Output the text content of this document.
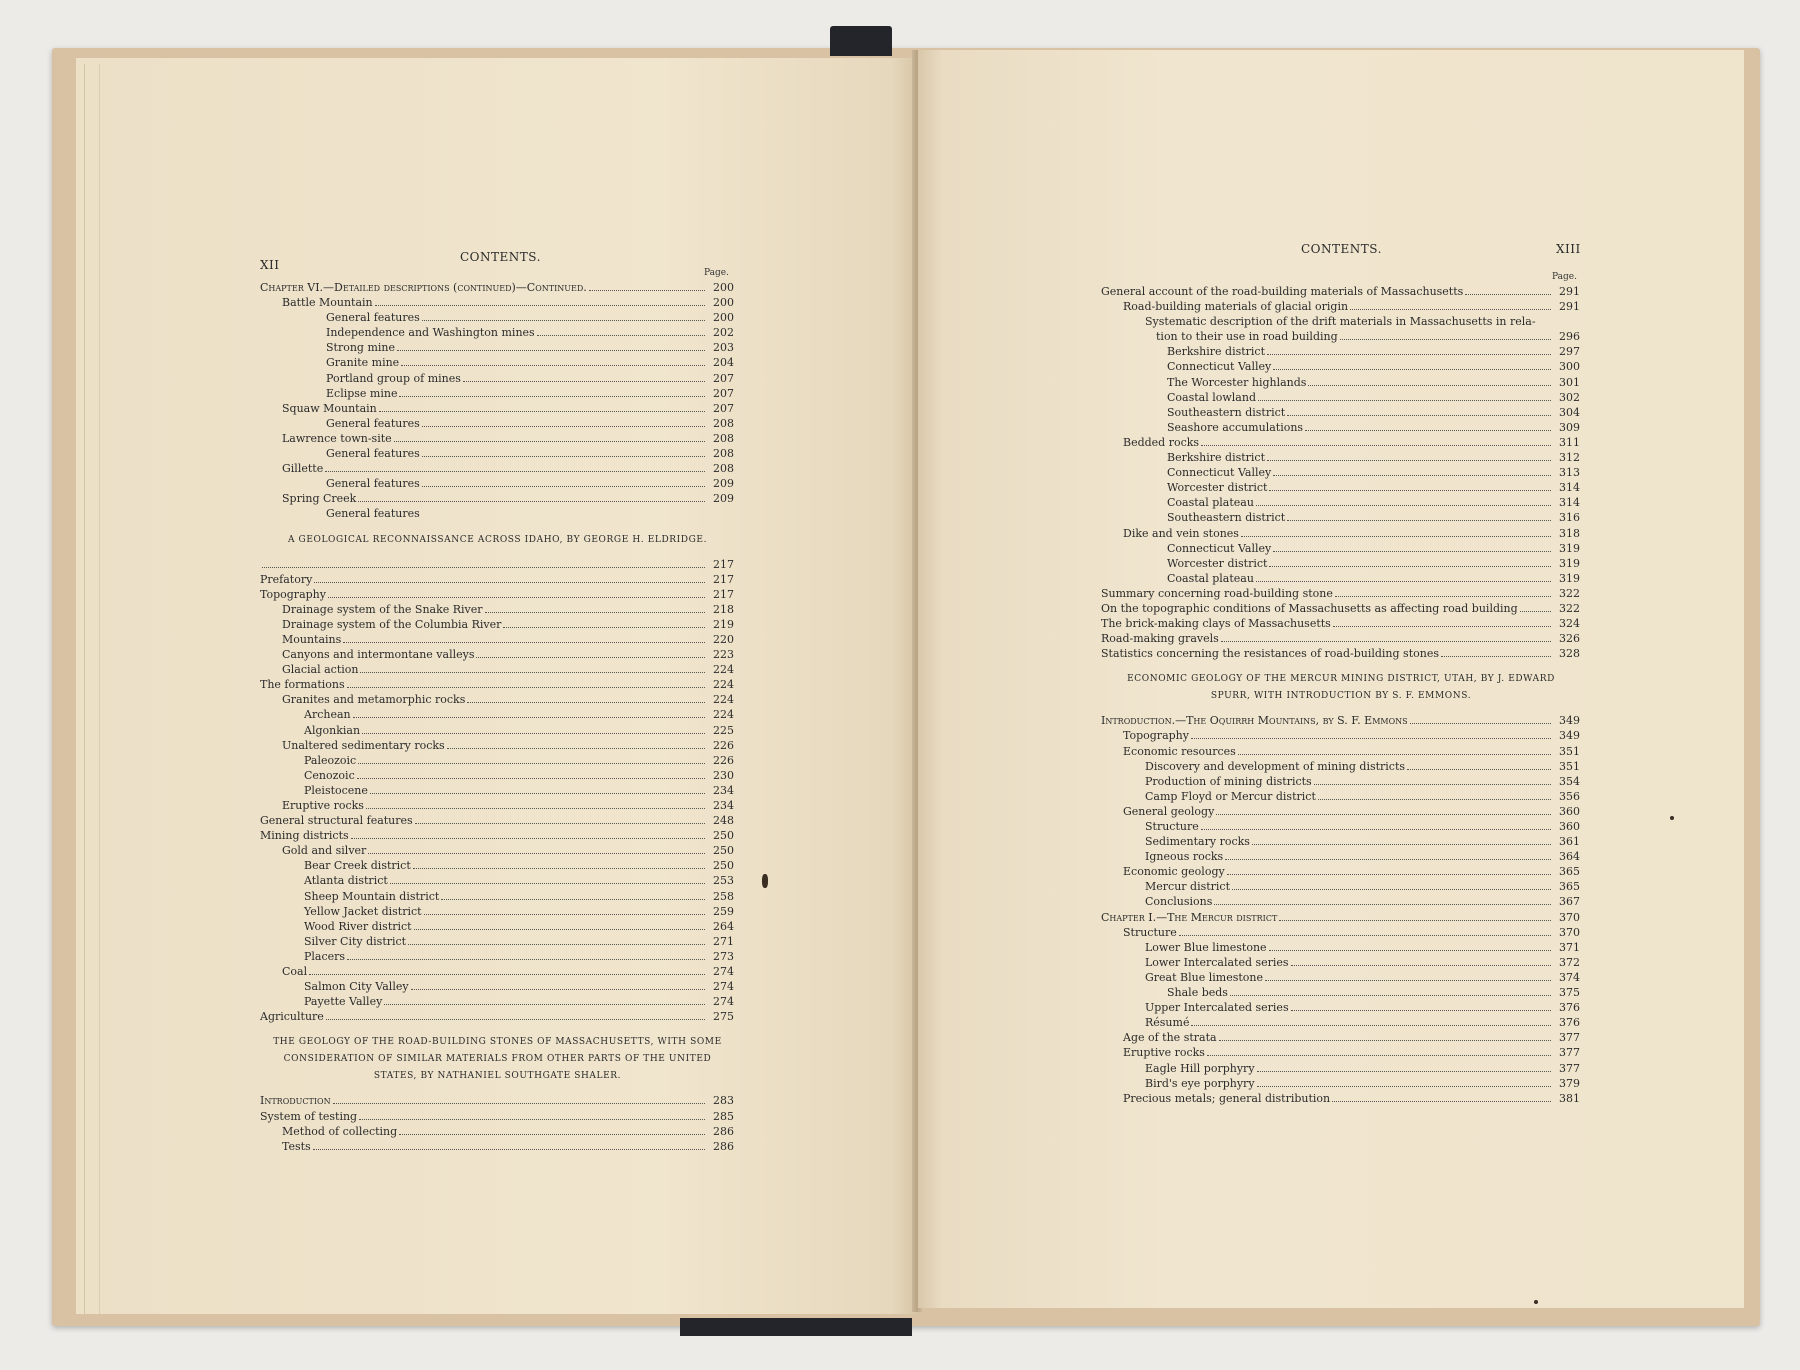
XII
CONTENTS.
Page.
Chapter VI.—Detailed descriptions (continued)—Continued.	200
Battle Mountain	200
General features	200
Independence and Washington mines	202
Strong mine	203
Granite mine	204
Portland group of mines	207
Eclipse mine	207
Squaw Mountain	207
General features	208
Lawrence town-site	208
General features	208
Gillette	208
General features	209
Spring Creek	209
General features
A GEOLOGICAL RECONNAISSANCE ACROSS IDAHO, BY GEORGE H. ELDRIDGE.
217
Prefatory	217
Topography	217
Drainage system of the Snake River	218
Drainage system of the Columbia River	219
Mountains	220
Canyons and intermontane valleys	223
Glacial action	224
The formations	224
Granites and metamorphic rocks	224
Archean	224
Algonkian	225
Unaltered sedimentary rocks	226
Paleozoic	226
Cenozoic	230
Pleistocene	234
Eruptive rocks	234
General structural features	248
Mining districts	250
Gold and silver	250
Bear Creek district	250
Atlanta district	253
Sheep Mountain district	258
Yellow Jacket district	259
Wood River district	264
Silver City district	271
Placers	273
Coal	274
Salmon City Valley	274
Payette Valley	274
Agriculture	275
THE GEOLOGY OF THE ROAD-BUILDING STONES OF MASSACHUSETTS, WITH SOME
CONSIDERATION OF SIMILAR MATERIALS FROM OTHER PARTS OF THE UNITED
STATES, BY NATHANIEL SOUTHGATE SHALER.
Introduction	283
System of testing	285
Method of collecting	286
Tests	286
CONTENTS.	XIII
Page.
General account of the road-building materials of Massachusetts	291
Road-building materials of glacial origin	291
Systematic description of the drift materials in Massachusetts in rela-
tion to their use in road building	296
Berkshire district	297
Connecticut Valley	300
The Worcester highlands	301
Coastal lowland	302
Southeastern district	304
Seashore accumulations	309
Bedded rocks	311
Berkshire district	312
Connecticut Valley	313
Worcester district	314
Coastal plateau	314
Southeastern district	316
Dike and vein stones	318
Connecticut Valley	319
Worcester district	319
Coastal plateau	319
Summary concerning road-building stone	322
On the topographic conditions of Massachusetts as affecting road building	322
The brick-making clays of Massachusetts	324
Road-making gravels	326
Statistics concerning the resistances of road-building stones	328
ECONOMIC GEOLOGY OF THE MERCUR MINING DISTRICT, UTAH, BY J. EDWARD
SPURR, WITH INTRODUCTION BY S. F. EMMONS.
Introduction.—The Oquirrh Mountains, by S. F. Emmons	349
Topography	349
Economic resources	351
Discovery and development of mining districts	351
Production of mining districts	354
Camp Floyd or Mercur district	356
General geology	360
Structure	360
Sedimentary rocks	361
Igneous rocks	364
Economic geology	365
Mercur district	365
Conclusions	367
Chapter I.—The Mercur district	370
Structure	370
Lower Blue limestone	371
Lower Intercalated series	372
Great Blue limestone	374
Shale beds	375
Upper Intercalated series	376
Résumé	376
Age of the strata	377
Eruptive rocks	377
Eagle Hill porphyry	377
Bird's eye porphyry	379
Precious metals; general distribution	381
